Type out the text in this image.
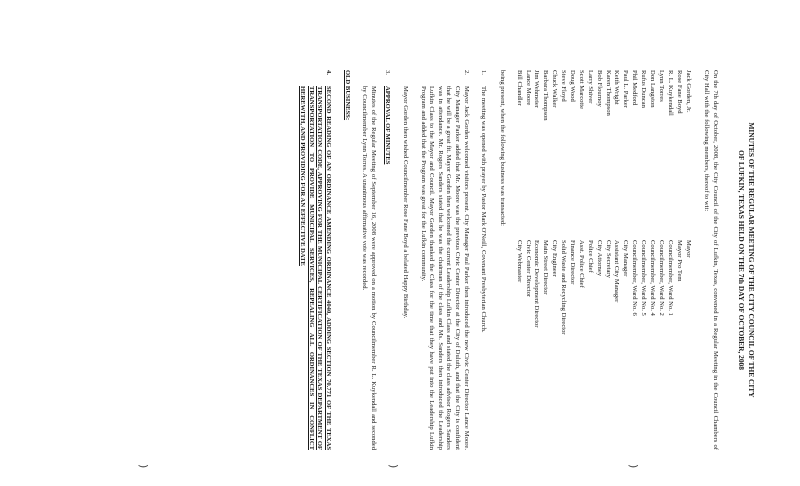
MINUTES OF THE REGULAR MEETING OF THE CITY COUNCIL OF THE CITY
OF LUFKIN, TEXAS HELD ON THE 7th DAY OF OCTOBER, 2008

On the 7th day of October, 2008, the City Council of the City of Lufkin, Texas, convened in a Regular Meeting in the Council Chambers of City Hall with the following members, thereof to wit:

Jack Gorden, Jr.
Mayor
Rose Fane Boyd
Mayor Pro Tem
R. L. Kuykendall
Councilmember, Ward No. 1
Lynn Torres
Councilmember, Ward No. 2
Don Langston
Councilmember, Ward No. 4
Rufus Duncan
Councilmember, Ward No. 5
Phil Medford
Councilmember, Ward No. 6
Paul L. Parker
City Manager
Keith Wright
Assistant City Manager
Karen Thompson
City Secretary
Bob Flournoy
City Attorney
Larry Shiver
Police Chief
Scott Marcotte
Asst. Police Chief
Doug Wood
Finance Director
Steve Floyd
Solid Waste and Recycling Director
Chuck Walker
City Engineer
Barbara Thompson
Main Street Director
Jim Wehmeier
Economic Development Director
Lance Moore
Civic Center Director
Bill Chandler
City Webmaster

being present, when the following business was transacted:

1.
The meeting was opened with prayer by Pastor Mark O'Neill, Covenant Presbyterian Church.
2.
Mayor Jack Gorden welcomed visitors present. City Manager Paul Parker then introduced the new Civic Center Director Lance Moore. City Manager Parker added that Mr. Moore was the previous Civic Center Director at the City of Duluth, and that the City is confident that he will be a great fit. Mayor Gorden then welcomed the current Leadership Lufkin Class and stated the class advisor Rogers Sanders was in attendance. Mr. Rogers Sanders stated that he was the chairman of the class and Ms. Sanders then introduced the Leadership Lufkin Class to the Mayor and Council. Mayor Gorden thanked the Class for the time that they have put into the Leadership Lufkin Program and added that the Program was great for the Lufkin community.
Mayor Gorden then wished Councilmember Rose Fane Boyd a belated Happy Birthday.
3.
APPROVAL OF MINUTES
Minutes of the Regular Meeting of September 16, 2008 were approved on a motion by Councilmember R. L. Kuykendall and seconded by Councilmember Lynn Torres. A unanimous affirmative vote was recorded.
OLD BUSINESS:
4.
SECOND READING OF AN ORDINANCE AMENDING ORDINANCE 4040, ADDING SECTION 70.771 OF THE TEXAS TRANSPORTATION CODE, APPROVING FOR THE MUNICIPAL CERTIFICATION OF THE TEXAS DEPARTMENT OF TRANSPORTATION TO PROVIDE MUNICIPAL SERVICES, REPEALING ALL ORDINANCES IN CONFLICT HEREWITH, AND PROVIDING FOR AN EFFECTIVE DATE
)
)
)
